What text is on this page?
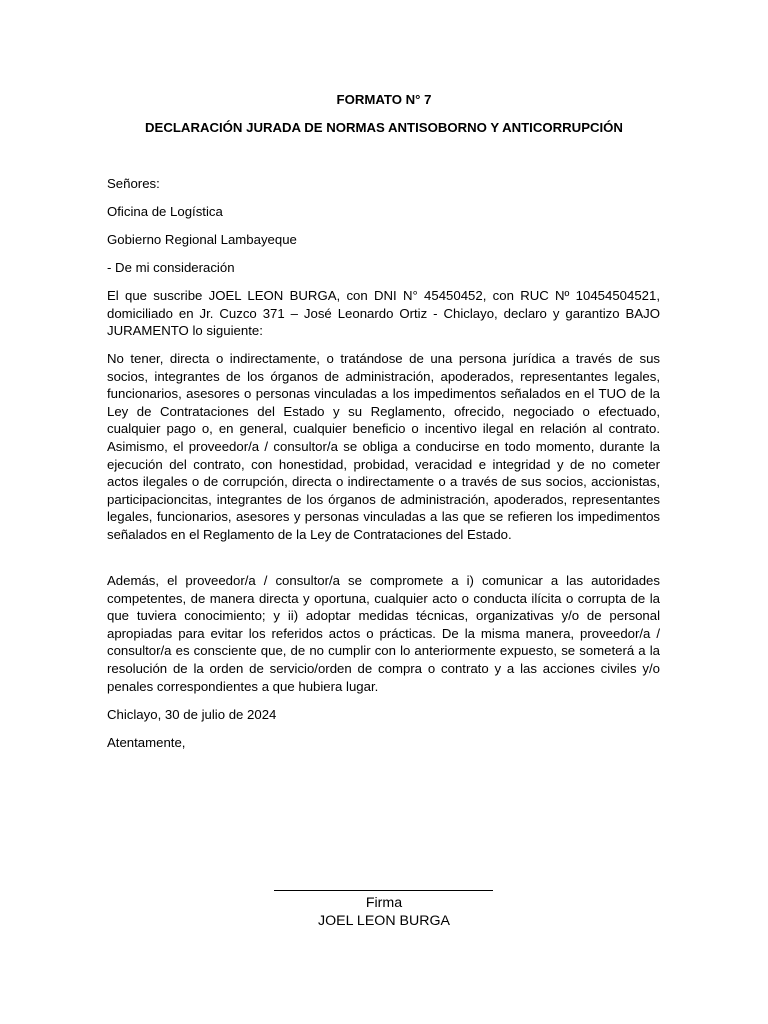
FORMATO N° 7
DECLARACIÓN JURADA DE NORMAS ANTISOBORNO Y ANTICORRUPCIÓN

Señores:

Oficina de Logística

Gobierno Regional Lambayeque

- De mi consideración

El que suscribe JOEL LEON BURGA, con DNI N° 45450452, con RUC Nº 10454504521, domiciliado en Jr. Cuzco 371 – José Leonardo Ortiz - Chiclayo, declaro y garantizo BAJO JURAMENTO lo siguiente:

No tener, directa o indirectamente, o tratándose de una persona jurídica a través de sus socios, integrantes de los órganos de administración, apoderados, representantes legales, funcionarios, asesores o personas vinculadas a los impedimentos señalados en el TUO de la Ley de Contrataciones del Estado y su Reglamento, ofrecido, negociado o efectuado, cualquier pago o, en general, cualquier beneficio o incentivo ilegal en relación al contrato. Asimismo, el proveedor/a / consultor/a se obliga a conducirse en todo momento, durante la ejecución del contrato, con honestidad, probidad, veracidad e integridad y de no cometer actos ilegales o de corrupción, directa o indirectamente o a través de sus socios, accionistas, participacioncitas, integrantes de los órganos de administración, apoderados, representantes legales, funcionarios, asesores y personas vinculadas a las que se refieren los impedimentos señalados en el Reglamento de la Ley de Contrataciones del Estado.

Además, el proveedor/a / consultor/a se compromete a i) comunicar a las autoridades competentes, de manera directa y oportuna, cualquier acto o conducta ilícita o corrupta de la que tuviera conocimiento; y ii) adoptar medidas técnicas, organizativas y/o de personal apropiadas para evitar los referidos actos o prácticas. De la misma manera, proveedor/a / consultor/a es consciente que, de no cumplir con lo anteriormente expuesto, se someterá a la resolución de la orden de servicio/orden de compra o contrato y a las acciones civiles y/o penales correspondientes a que hubiera lugar.

Chiclayo, 30 de julio de 2024

Atentamente,

Firma
JOEL LEON BURGA
